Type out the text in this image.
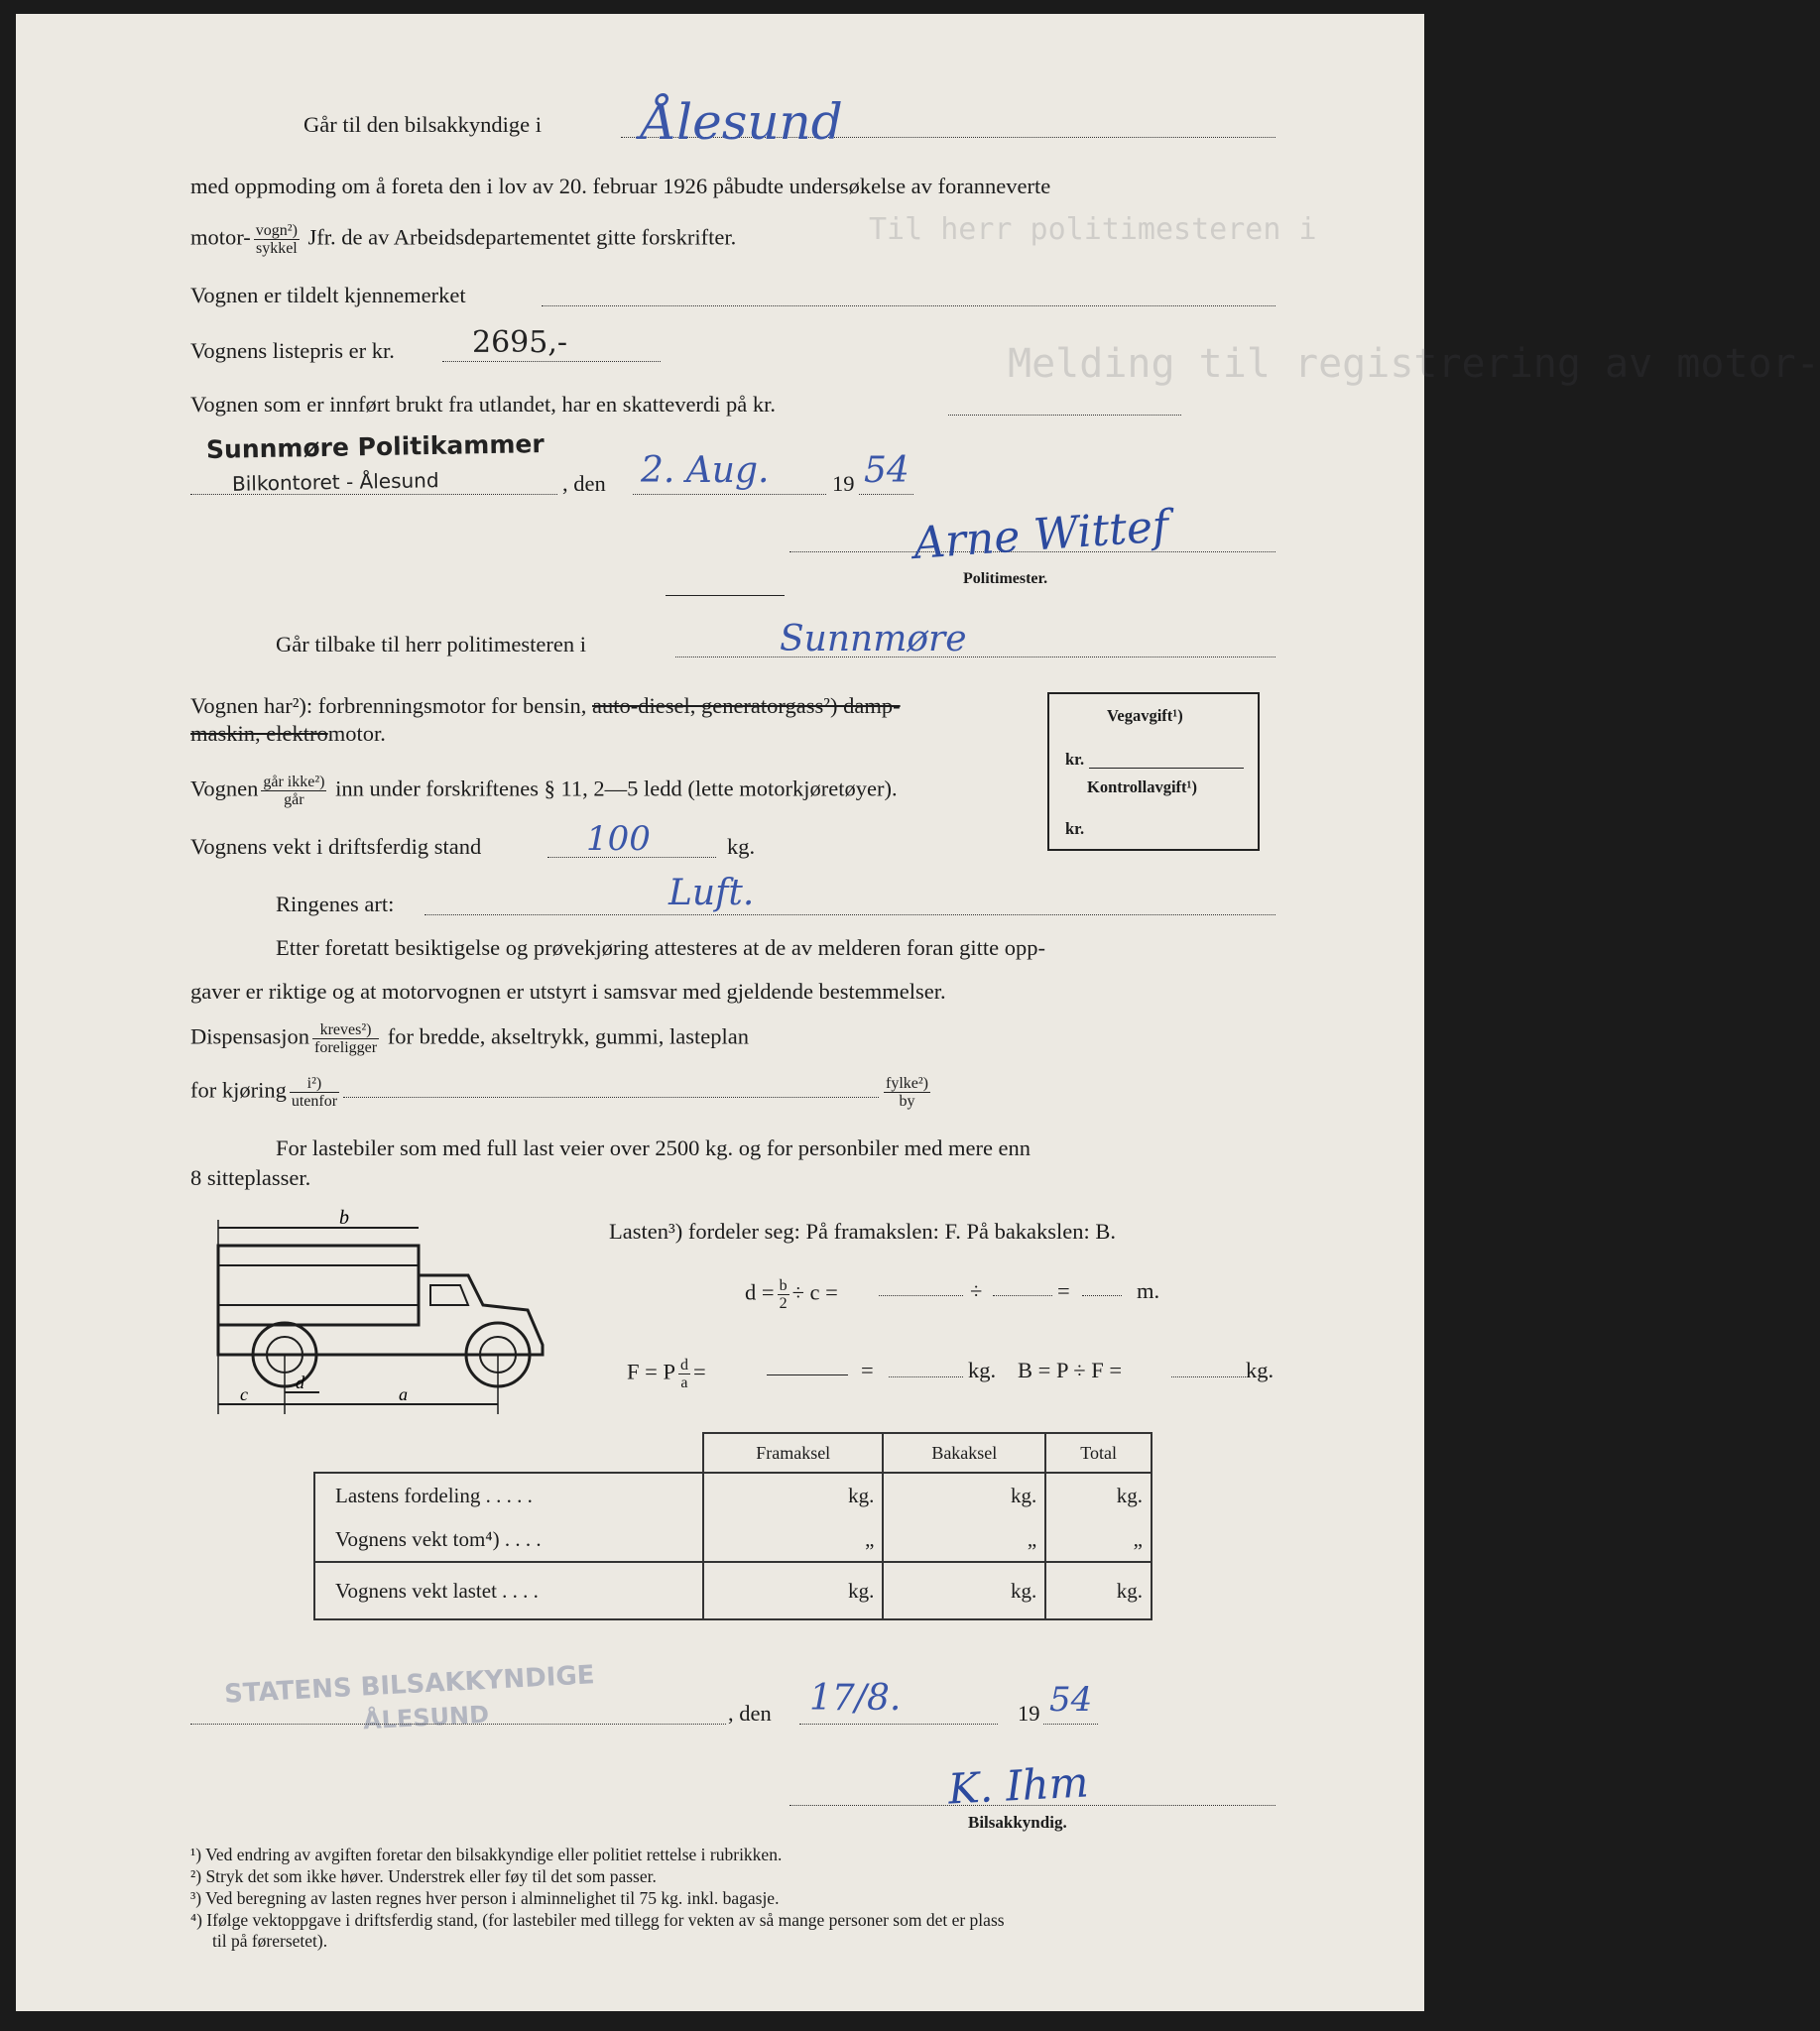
Melding til registrering av motor-
Til herr politimesteren i
Går til den bilsakkyndige i Ålesund
med oppmoding om å foreta den i lov av 20. februar 1926 påbudte undersøkelse av foranneverte
motor- $\frac{\text{vogn²)}}{\text{sykkel}}$ Jfr. de av Arbeidsdepartementet gitte forskrifter.
Vognen er tildelt kjennemerket
Vognens listepris er kr.	2695,-
Vognen som er innført brukt fra utlandet, har en skatteverdi på kr.
Sunnmøre Politikammer
Bilkontoret - Ålesund	, den 2. Aug.	19 54
Arne Wittef
Politimester.
Går tilbake til herr politimesteren i	Sunnmøre
Vognen har²): forbrenningsmotor for bensin, auto-diesel, generatorgass²) damp-
maskin, elektromotor.
Vegavgift¹)
kr.
Kontrollavgift¹)
kr.
Vognen $\frac{\text{går ikke²)}}{\text{går}}$ inn under forskriftenes § 11, 2—5 ledd (lette motorkjøretøyer).
Vognens vekt i driftsferdig stand	100	kg.
Ringenes art:	Luft.
Etter foretatt besiktigelse og prøvekjøring attesteres at de av melderen foran gitte opp-
gaver er riktige og at motorvognen er utstyrt i samsvar med gjeldende bestemmelser.
Dispensasjon $\frac{\text{kreves²)}}{\text{foreligger}}$ for bredde, akseltrykk, gummi, lasteplan
for kjøring $\frac{\text{i²)}}{\text{utenfor}}$	$\frac{\text{fylke²)}}{by}$
For lastebiler som med full last veier over 2500 kg. og for personbiler med mere enn
8 sitteplasser.
b
d
c	a
Lasten³) fordeler seg: På framakslen: F. På bakakslen: B.
$d = \frac{b}{2} \div c$ =	÷	=	m.
F = P $\frac{d}{a}$ =	=	kg. B = P ÷ F =	kg.
	Framaksel	Bakaksel	Total
Lastens fordeling . . . . .	kg.	kg.	kg.
Vognens vekt tom⁴) . . . .	„	„	„
Vognens vekt lastet . . . .	kg.	kg.	kg.
STATENS BILSAKKYNDIGE
ÅLESUND	, den 17/8.	19 54
K. Ihm
Bilsakkyndig.
¹) Ved endring av avgiften foretar den bilsakkyndige eller politiet rettelse i rubrikken.
²) Stryk det som ikke høver. Understrek eller føy til det som passer.
³) Ved beregning av lasten regnes hver person i alminnelighet til 75 kg. inkl. bagasje.
⁴) Ifølge vektoppgave i driftsferdig stand, (for lastebiler med tillegg for vekten av så mange personer som det er plass
til på førersetet).
